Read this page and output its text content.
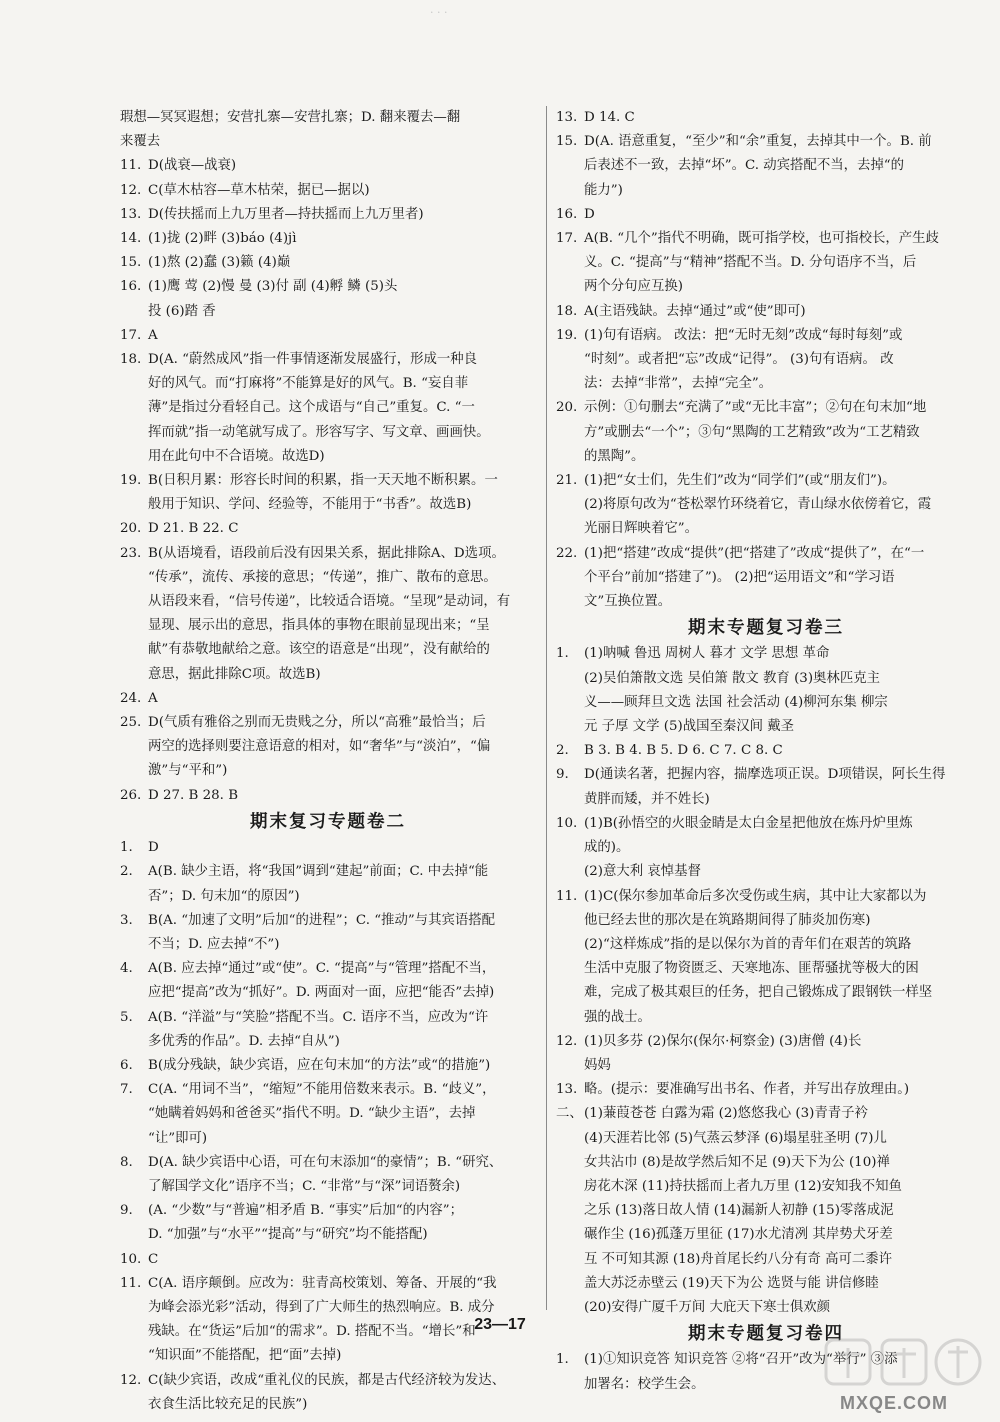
· · ·
瑕想—冥冥遐想；安营扎寨—安营扎寨；D. 翻来覆去—翻
来覆去
11. D(战衰—战衰)
12. C(草木枯容—草木枯荣，据已—据以)
13. D(传扶摇而上九万里者—持扶摇而上九万里者)
14. (1)拢 (2)畔 (3)báo (4)jì
15. (1)熬 (2)蠢 (3)籁 (4)巅
16. (1)鹰 莺 (2)慢 曼 (3)付 副 (4)孵 鳞 (5)头
投 (6)踏 香
17. A
18. D(A. “蔚然成风”指一件事情逐渐发展盛行，形成一种良
好的风气。而“打麻将”不能算是好的风气。B. “妄自菲
薄”是指过分看轻自己。这个成语与“自己”重复。C. “一
挥而就”指一动笔就写成了。形容写字、写文章、画画快。
用在此句中不合语境。故选D)
19. B(日积月累：形容长时间的积累，指一天天地不断积累。一
般用于知识、学问、经验等，不能用于“书香”。故选B)
20. D 21. B 22. C
23. B(从语境看，语段前后没有因果关系，据此排除A、D选项。
“传承”，流传、承接的意思；“传递”，推广、散布的意思。
从语段来看，“信号传递”，比较适合语境。“呈现”是动词，有
显现、展示出的意思，指具体的事物在眼前显现出来；“呈
献”有恭敬地献给之意。该空的语意是“出现”，没有献给的
意思，据此排除C项。故选B)
24. A
25. D(气质有雅俗之别而无贵贱之分，所以“高雅”最恰当；后
两空的选择则要注意语意的相对，如“奢华”与“淡泊”，“偏
激”与“平和”)
26. D 27. B 28. B
期末复习专题卷二
1.	D
2.	A(B. 缺少主语，将“我国”调到“建起”前面；C. 中去掉“能
否”；D. 句末加“的原因”)
3.	B(A. “加速了文明”后加“的进程”；C. “推动”与其宾语搭配
不当；D. 应去掉“不”)
4.	A(B. 应去掉“通过”或“使”。C. “提高”与“管理”搭配不当，
应把“提高”改为“抓好”。D. 两面对一面，应把“能否”去掉)
5.	A(B. “洋溢”与“笑脸”搭配不当。C. 语序不当，应改为“许
多优秀的作品”。D. 去掉“自从”)
6.	B(成分残缺，缺少宾语，应在句末加“的方法”或“的措施”)
7.	C(A. “用词不当”，“缩短”不能用倍数来表示。B. “歧义”，
“她瞒着妈妈和爸爸买”指代不明。D. “缺少主语”，去掉
“让”即可)
8.	D(A. 缺少宾语中心语，可在句末添加“的豪情”；B. “研究、
了解国学文化”语序不当；C. “非常”与“深”词语赘余)
9.	(A. “少数”与“普遍”相矛盾 B. “事实”后加“的内容”；
D. “加强”与“水平”“提高”与“研究”均不能搭配)
10. C
11. C(A. 语序颠倒。应改为：驻青高校策划、筹备、开展的“我
为峰会添光彩”活动，得到了广大师生的热烈响应。B. 成分
残缺。在“货运”后加“的需求”。D. 搭配不当。“增长”和
“知识面”不能搭配，把“面”去掉)
12. C(缺少宾语，改成“重礼仪的民族，都是古代经济较为发达、
衣食生活比较充足的民族”)
13. D 14. C
15. D(A. 语意重复，“至少”和“余”重复，去掉其中一个。B. 前
后表述不一致，去掉“坏”。C. 动宾搭配不当，去掉“的
能力”)
16. D
17. A(B. “几个”指代不明确，既可指学校，也可指校长，产生歧
义。C. “提高”与“精神”搭配不当。D. 分句语序不当，后
两个分句应互换)
18. A(主语残缺。去掉“通过”或“使”即可)
19. (1)句有语病。 改法：把“无时无刻”改成“每时每刻”或
“时刻”。或者把“忘”改成“记得”。 (3)句有语病。 改
法：去掉“非常”，去掉“完全”。
20. 示例：①句删去“充满了”或“无比丰富”；②句在句末加“地
方”或删去“一个”；③句“黑陶的工艺精致”改为“工艺精致
的黑陶”。
21. (1)把“女士们，先生们”改为“同学们”(或“朋友们”)。
(2)将原句改为“苍松翠竹环绕着它，青山绿水依傍着它，霞
光丽日辉映着它”。
22. (1)把“搭建”改成“提供”(把“搭建了”改成“提供了”，在“一
个平台”前加“搭建了”)。 (2)把“运用语文”和“学习语
文”互换位置。
期末专题复习卷三
1.	(1)呐喊 鲁迅 周树人 暮才 文学 思想 革命
(2)吴伯箫散文选 吴伯箫 散文 教育 (3)奥林匹克主
义——顾拜旦文选 法国 社会活动 (4)柳河东集 柳宗
元 子厚 文学 (5)战国至秦汉间 戴圣
2.	B 3. B 4. B 5. D 6. C 7. C 8. C
9.	D(通读名著，把握内容，揣摩选项正误。D项错误，阿长生得
黄胖而矮，并不姓长)
10. (1)B(孙悟空的火眼金睛是太白金星把他放在炼丹炉里炼
成的)。
(2)意大利 哀悼基督
11. (1)C(保尔参加革命后多次受伤或生病，其中让大家都以为
他已经去世的那次是在筑路期间得了肺炎加伤寒)
(2)“这样炼成”指的是以保尔为首的青年们在艰苦的筑路
生活中克服了物资匮乏、天寒地冻、匪帮骚扰等极大的困
难，完成了极其艰巨的任务，把自己锻炼成了跟钢铁一样坚
强的战士。
12. (1)贝多芬 (2)保尔(保尔·柯察金) (3)唐僧 (4)长
妈妈
13. 略。(提示：要准确写出书名、作者，并写出存放理由。)
二、 (1)蒹葭苍苍 白露为霜 (2)悠悠我心 (3)青青子衿
(4)天涯若比邻 (5)气蒸云梦泽 (6)塌星驻圣明 (7)儿
女共沾巾 (8)是故学然后知不足 (9)天下为公 (10)禅
房花木深 (11)持扶摇而上者九万里 (12)安知我不知鱼
之乐 (13)落日故人情 (14)漏新人初静 (15)零落成泥
碾作尘 (16)孤蓬万里征 (17)水尤清冽 其岸势犬牙差
互 不可知其源 (18)舟首尾长约八分有奇 高可二黍许
盖大苏泛赤壁云 (19)天下为公 选贤与能 讲信修睦
(20)安得广厦千万间 大庇天下寒士俱欢颜
期末专题复习卷四
1.	(1)①知识竞答 知识竞答 ②将“召开”改为“举行” ③添
加署名：校学生会。
23—17
MXQE.COM
